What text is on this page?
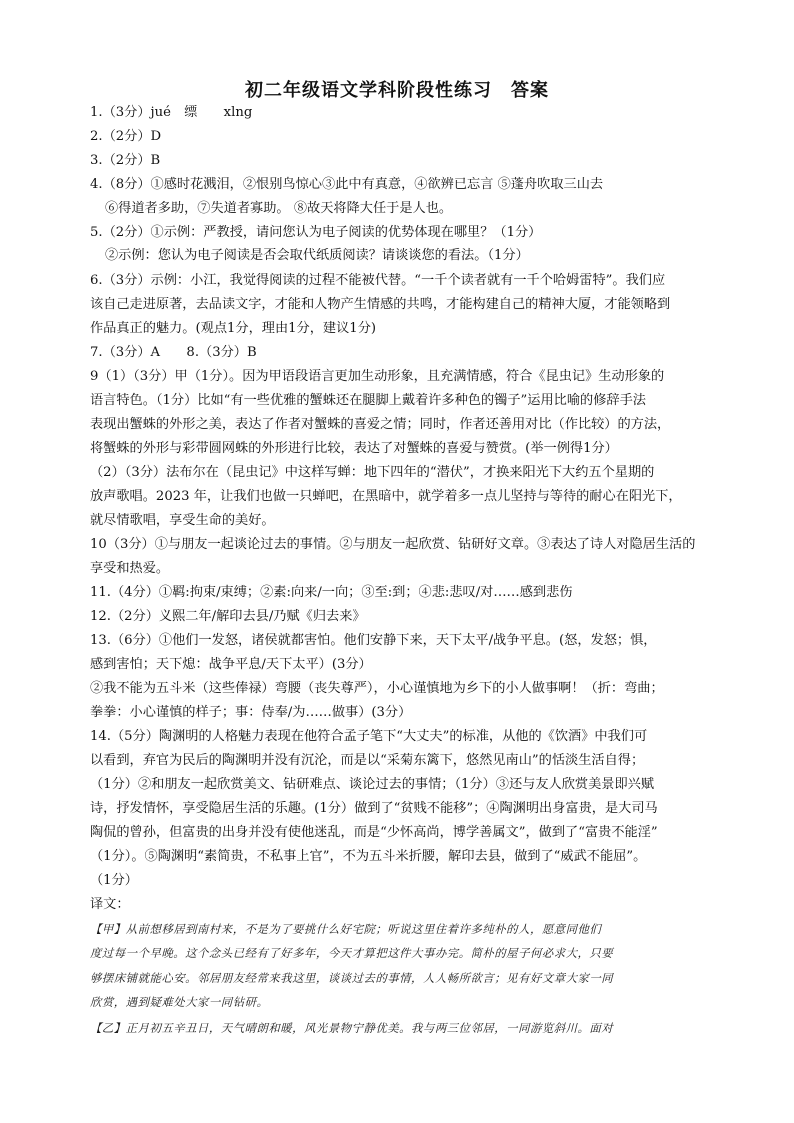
初二年级语文学科阶段性练习　答案
1.（3分）jué　缥　　xlng
2.（2分）D
3.（2分）B
4.（8分）①感时花溅泪，②恨别鸟惊心③此中有真意，④欲辨已忘言 ⑤蓬舟吹取三山去
⑥得道者多助，⑦失道者寡助。 ⑧故天将降大任于是人也。
5.（2分）①示例：严教授，请问您认为电子阅读的优势体现在哪里？（1分）
②示例：您认为电子阅读是否会取代纸质阅读？请谈谈您的看法。（1分）
6.（3分）示例：小江，我觉得阅读的过程不能被代替。“一千个读者就有一千个哈姆雷特”。我们应
该自己走进原著，去品读文字，才能和人物产生情感的共鸣，才能构建自己的精神大厦，才能领略到
作品真正的魅力。(观点1分，理由1分，建议1分)
7.（3分）A　　8.（3分）B
9（1）（3分）甲（1分）。因为甲语段语言更加生动形象，且充满情感，符合《昆虫记》生动形象的
语言特色。（1分）比如“有一些优雅的蟹蛛还在腿脚上戴着许多种色的镯子”运用比喻的修辞手法
表现出蟹蛛的外形之美，表达了作者对蟹蛛的喜爱之情；同时，作者还善用对比（作比较）的方法，
将蟹蛛的外形与彩带圆网蛛的外形进行比较，表达了对蟹蛛的喜爱与赞赏。(举一例得1分）
（2）（3分）法布尔在（昆虫记》中这样写蝉：地下四年的“潜伏”，才换来阳光下大约五个星期的
放声歌唱。2023 年，让我们也做一只蝉吧，在黑暗中，就学着多一点儿坚持与等待的耐心在阳光下，
就尽情歌唱，享受生命的美好。
10（3分）①与朋友一起谈论过去的事情。②与朋友一起欣赏、钻研好文章。③表达了诗人对隐居生活的
享受和热爱。
11.（4分）①羁:拘束/束缚；②素:向来/一向；③至:到；④悲:悲叹/对……感到悲伤
12.（2分）义熙二年/解印去县/乃赋《归去来》
13.（6分）①他们一发怒，诸侯就都害怕。他们安静下来，天下太平/战争平息。(怒，发怒；惧，
感到害怕；天下熄：战争平息/天下太平）(3分）
②我不能为五斗米（这些俸禄）弯腰（丧失尊严），小心谨慎地为乡下的小人做事啊！（折：弯曲；
拳拳：小心谨慎的样子；事：侍奉/为……做事）(3分）
14.（5分）陶渊明的人格魅力表现在他符合孟子笔下“大丈夫”的标准，从他的《饮酒》中我们可
以看到，弃官为民后的陶渊明并没有沉沦，而是以“采菊东篱下，悠然见南山”的恬淡生活自得；
（1分）②和朋友一起欣赏美文、钻研难点、谈论过去的事情；（1分）③还与友人欣赏美景即兴赋
诗，抒发情怀，享受隐居生活的乐趣。(1分）做到了“贫贱不能移”；④陶渊明出身富贵，是大司马
陶侃的曾孙，但富贵的出身并没有使他迷乱，而是“少怀高尚，博学善属文”，做到了“富贵不能淫”
（1分）。⑤陶渊明“素简贵，不私事上官”，不为五斗米折腰，解印去县，做到了“威武不能屈”。
（1分）
译文：
【甲】从前想移居到南村来，不是为了要挑什么好宅院；听说这里住着许多纯朴的人，愿意同他们
度过每一个早晚。这个念头已经有了好多年，今天才算把这件大事办完。简朴的屋子何必求大，只要
够摆床铺就能心安。邻居朋友经常来我这里，谈谈过去的事情，人人畅所欲言；见有好文章大家一同
欣赏，遇到疑难处大家一同钻研。
【乙】正月初五辛丑日，天气晴朗和暖，风光景物宁静优美。我与两三位邻居，一同游览斜川。面对
